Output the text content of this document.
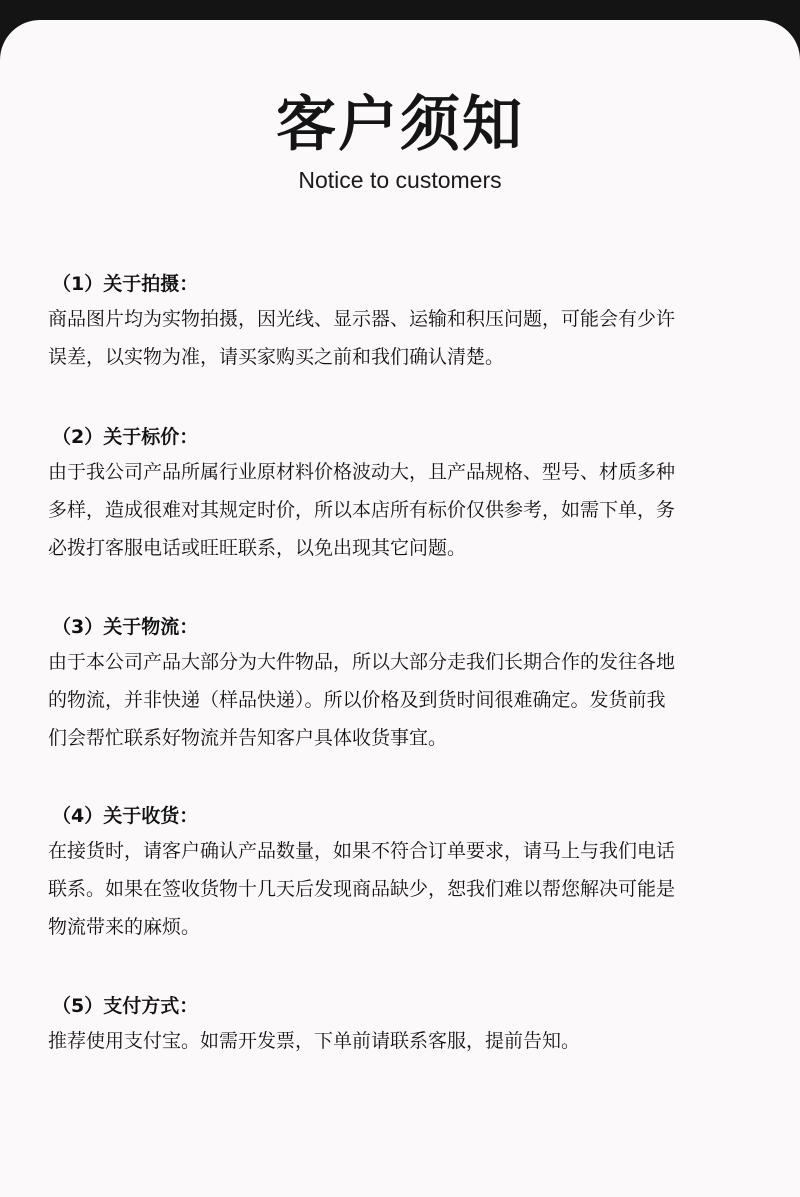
客户须知
Notice to customers
（1）关于拍摄：
商品图片均为实物拍摄，因光线、显示器、运输和积压问题，可能会有少许
误差，以实物为准，请买家购买之前和我们确认清楚。
（2）关于标价：
由于我公司产品所属行业原材料价格波动大，且产品规格、型号、材质多种
多样，造成很难对其规定时价，所以本店所有标价仅供参考，如需下单，务
必拨打客服电话或旺旺联系，以免出现其它问题。
（3）关于物流：
由于本公司产品大部分为大件物品，所以大部分走我们长期合作的发往各地
的物流，并非快递（样品快递）。所以价格及到货时间很难确定。发货前我
们会帮忙联系好物流并告知客户具体收货事宜。
（4）关于收货：
在接货时，请客户确认产品数量，如果不符合订单要求，请马上与我们电话
联系。如果在签收货物十几天后发现商品缺少，恕我们难以帮您解决可能是
物流带来的麻烦。
（5）支付方式：
推荐使用支付宝。如需开发票，下单前请联系客服，提前告知。
